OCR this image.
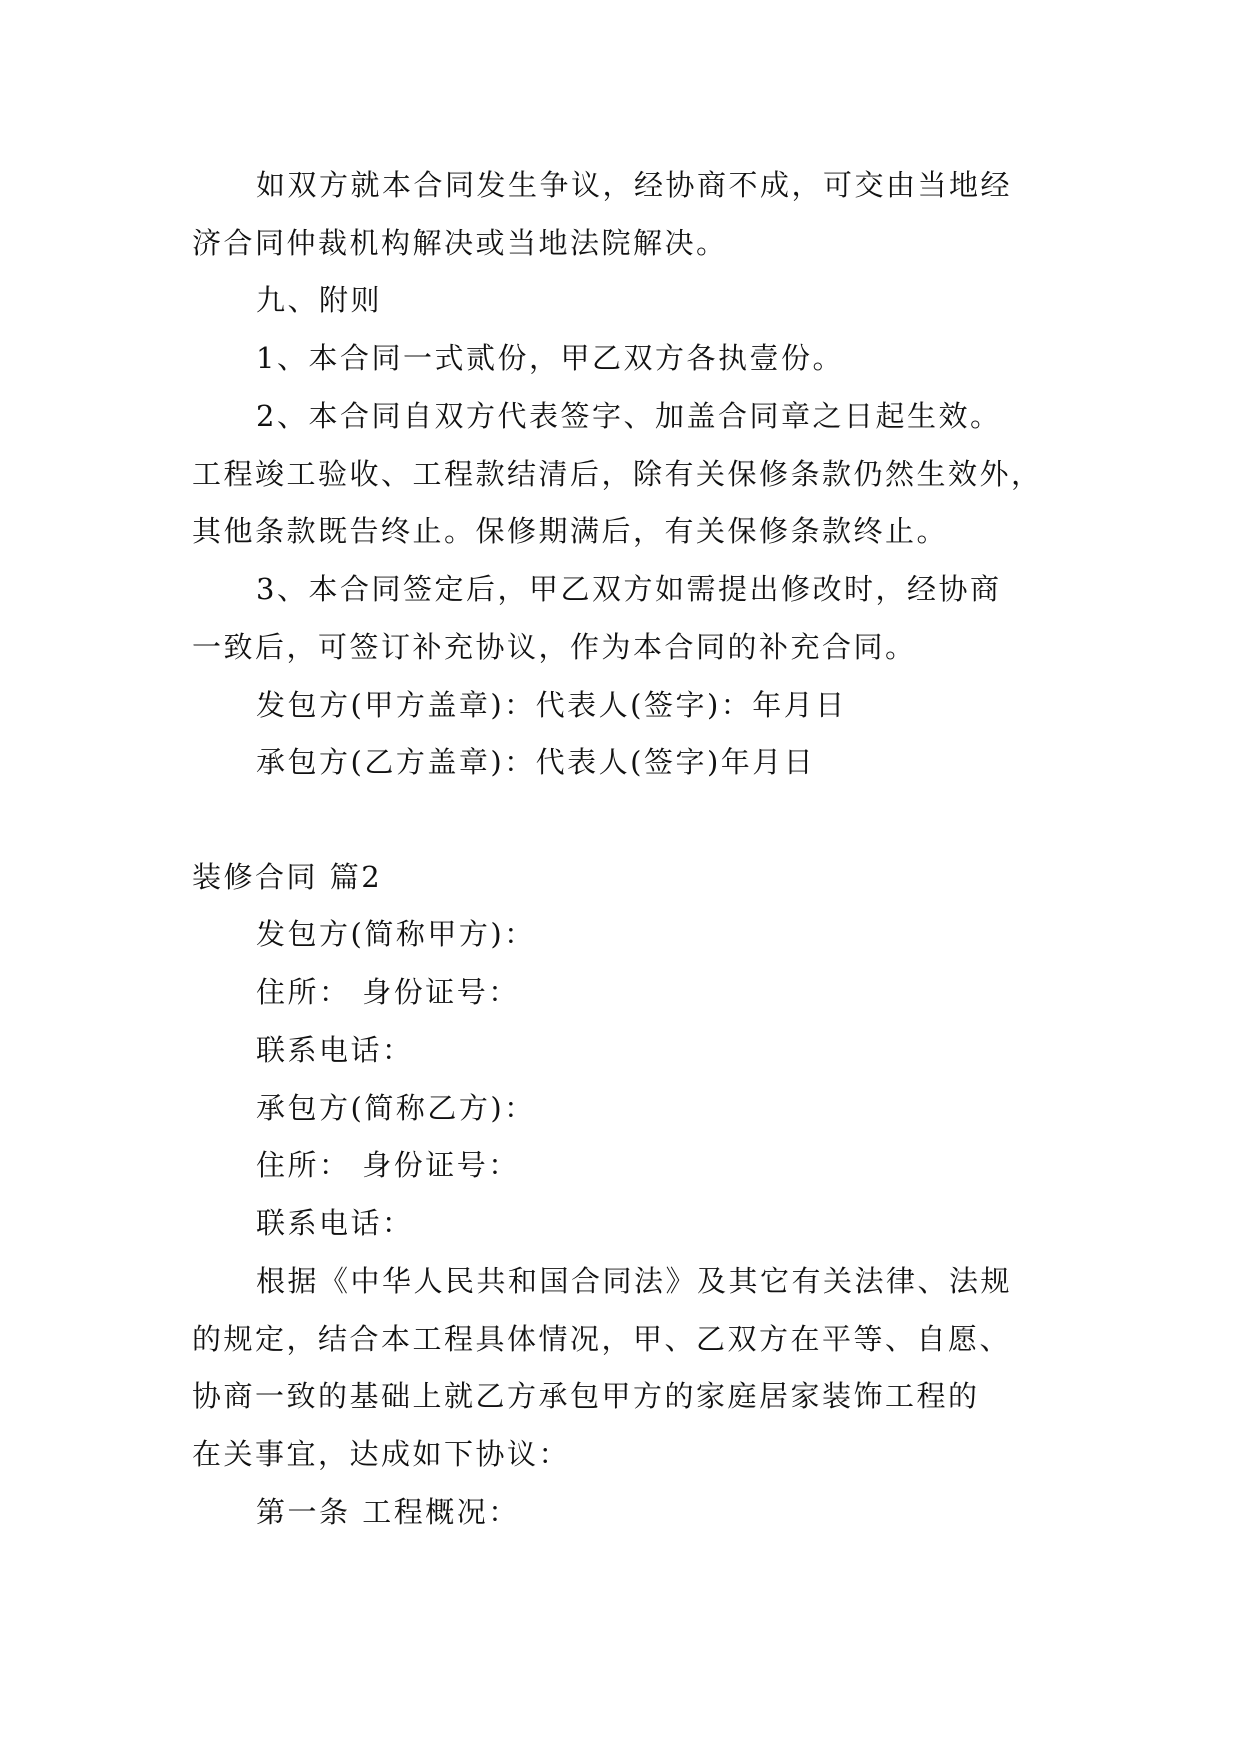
如双方就本合同发生争议，经协商不成，可交由当地经
济合同仲裁机构解决或当地法院解决。
九、附则
1、本合同一式贰份，甲乙双方各执壹份。
2、本合同自双方代表签字、加盖合同章之日起生效。
工程竣工验收、工程款结清后，除有关保修条款仍然生效外，
其他条款既告终止。保修期满后，有关保修条款终止。
3、本合同签定后，甲乙双方如需提出修改时，经协商
一致后，可签订补充协议，作为本合同的补充合同。
发包方(甲方盖章)：代表人(签字)：年月日
承包方(乙方盖章)：代表人(签字)年月日
装修合同 篇2
发包方(简称甲方)：
住所： 身份证号：
联系电话：
承包方(简称乙方)：
住所： 身份证号：
联系电话：
根据《中华人民共和国合同法》及其它有关法律、法规
的规定，结合本工程具体情况，甲、乙双方在平等、自愿、
协商一致的基础上就乙方承包甲方的家庭居家装饰工程的
在关事宜，达成如下协议：
第一条 工程概况：
